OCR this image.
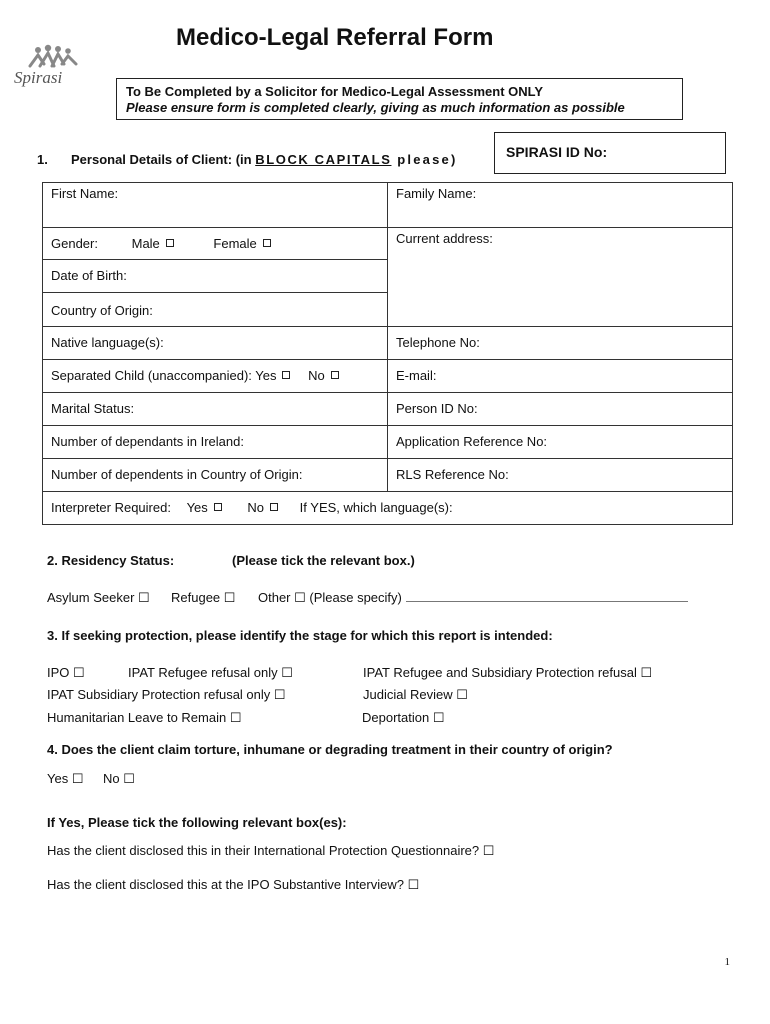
Spirasi
Medico-Legal Referral Form
To Be Completed by a Solicitor for Medico-Legal Assessment ONLY
Please ensure form is completed clearly, giving as much information as possible
SPIRASI ID No:
1. Personal Details of Client: (in BLOCK CAPITALS please)
First Name:	Family Name:
Gender: Male Female	Current address:
Date of Birth:	
Country of Origin:	
Native language(s):	Telephone No:
Separated Child (unaccompanied): Yes No	E-mail:
Marital Status:	Person ID No:
Number of dependants in Ireland:	Application Reference No:
Number of dependents in Country of Origin:	RLS Reference No:
Interpreter Required: Yes No If YES, which language(s):	
2. Residency Status:	(Please tick the relevant box.)
Asylum Seeker ☐ Refugee ☐ Other ☐ (Please specify)
3. If seeking protection, please identify the stage for which this report is intended:
IPO ☐	IPAT Refugee refusal only ☐	IPAT Refugee and Subsidiary Protection refusal ☐
IPAT Subsidiary Protection refusal only ☐	Judicial Review ☐
Humanitarian Leave to Remain ☐	Deportation ☐
4. Does the client claim torture, inhumane or degrading treatment in their country of origin?
Yes ☐ No ☐
If Yes, Please tick the following relevant box(es):
Has the client disclosed this in their International Protection Questionnaire? ☐
Has the client disclosed this at the IPO Substantive Interview? ☐
1
